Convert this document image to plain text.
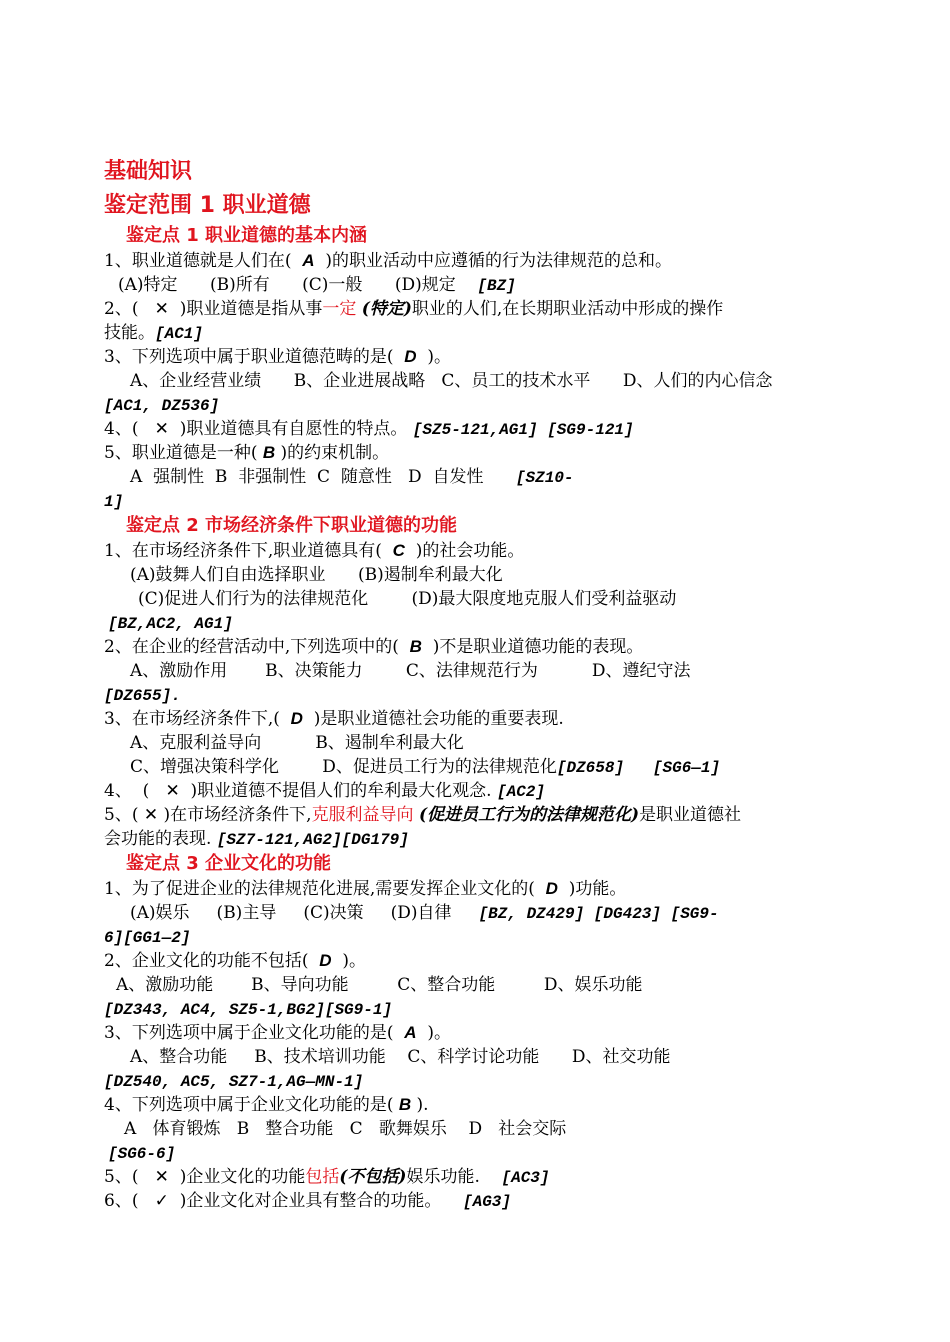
基础知识
鉴定范围 1 职业道德
鉴定点 1 职业道德的基本内涵
1、职业道德就是人们在( A )的职业活动中应遵循的行为法律规范的总和。
(A)特定      (B)所有      (C)一般      (D)规定 [BZ]
2、( ✕ )职业道德是指从事一定 (特定)职业的人们,在长期职业活动中形成的操作
技能。[AC1]
3、下列选项中属于职业道德范畴的是( D )。
A、企业经营业绩      B、企业进展战略   C、员工的技术水平      D、人们的内心信念
[AC1, DZ536]
4、( ✕ )职业道德具有自愿性的特点。 [SZ5-121,AG1] [SG9-121]
5、职业道德是一种( B )的约束机制。
A  强制性  B  非强制性  C  随意性   D  自发性 [SZ10-
1]
鉴定点 2 市场经济条件下职业道德的功能
1、在市场经济条件下,职业道德具有( C )的社会功能。
(A)鼓舞人们自由选择职业      (B)遏制牟利最大化
(C)促进人们行为的法律规范化        (D)最大限度地克服人们受利益驱动
[BZ,AC2, AG1]
2、在企业的经营活动中,下列选项中的( B )不是职业道德功能的表现。
A、激励作用       B、决策能力        C、法律规范行为          D、遵纪守法
[DZ655].
3、在市场经济条件下,( D )是职业道德社会功能的重要表现.
A、克服利益导向          B、遏制牟利最大化
C、增强决策科学化        D、促进员工行为的法律规范化[DZ658]   [SG6—1]
4、  ( ✕ )职业道德不提倡人们的牟利最大化观念. [AC2]
5、( ✕ )在市场经济条件下,克服利益导向 (促进员工行为的法律规范化)是职业道德社
会功能的表现. [SZ7-121,AG2][DG179]
鉴定点 3 企业文化的功能
1、为了促进企业的法律规范化进展,需要发挥企业文化的( D )功能。
(A)娱乐     (B)主导     (C)决策     (D)自律 [BZ, DZ429] [DG423] [SG9-
6][GG1—2]
2、企业文化的功能不包括( D )。
A、激励功能       B、导向功能         C、整合功能         D、娱乐功能
[DZ343, AC4, SZ5-1,BG2][SG9-1]
3、下列选项中属于企业文化功能的是( A )。
A、整合功能     B、技术培训功能    C、科学讨论功能      D、社交功能
[DZ540, AC5, SZ7-1,AG—MN-1]
4、下列选项中属于企业文化功能的是( B ).
A   体育锻炼   B   整合功能   C   歌舞娱乐    D   社会交际
[SG6-6]
5、( ✕ )企业文化的功能包括(不包括)娱乐功能. [AC3]
6、( ✓ )企业文化对企业具有整合的功能。 [AG3]
